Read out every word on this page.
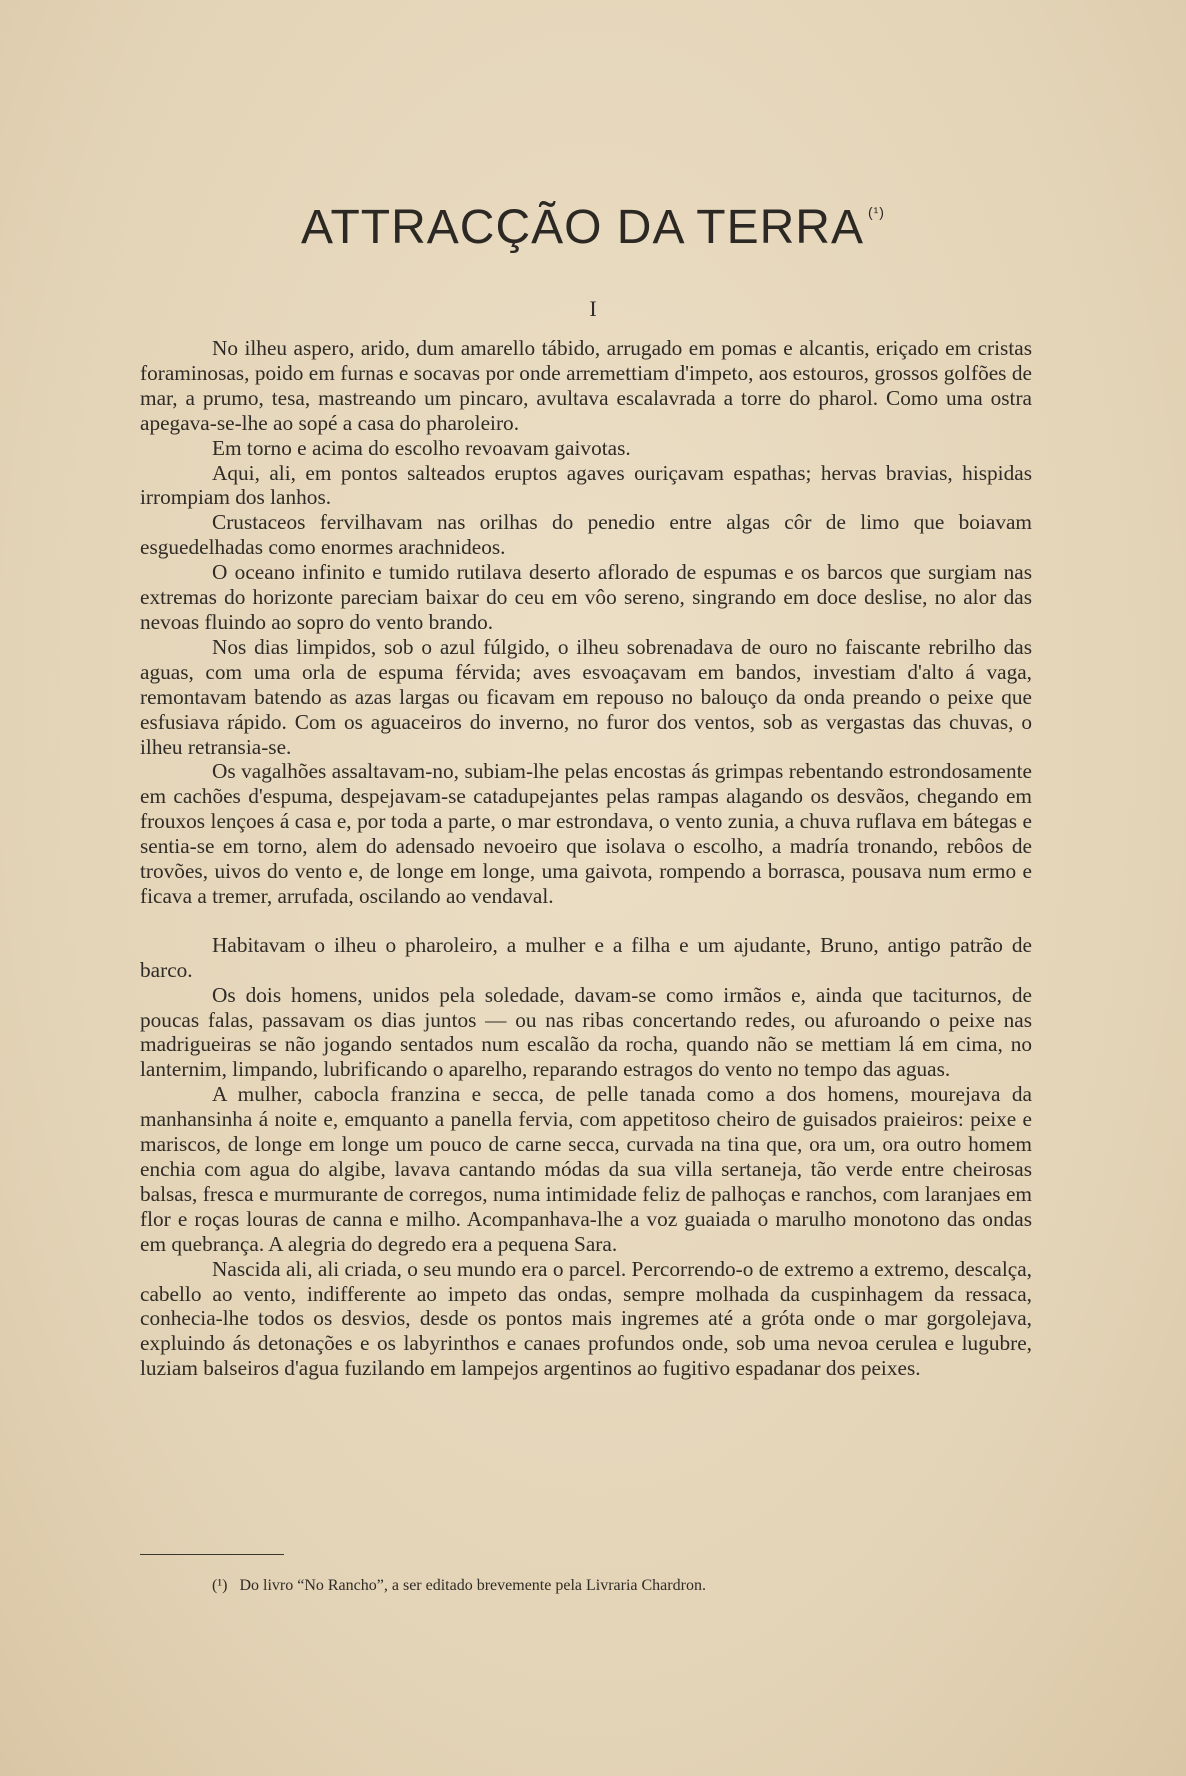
ATTRACÇÃO DA TERRA $^{(^1)}$
I

No ilheu aspero, arido, dum amarello tábido, arrugado em pomas e alcantis, eriçado em cristas foraminosas, poido em furnas e socavas por onde arremettiam d'impeto, aos estouros, grossos golfões de mar, a prumo, tesa, mastreando um pincaro, avultava escalavrada a torre do pharol. Como uma ostra apegava-se-lhe ao sopé a casa do pharoleiro.

Em torno e acima do escolho revoavam gaivotas.

Aqui, ali, em pontos salteados eruptos agaves ouriçavam espathas; hervas bravias, hispidas irrompiam dos lanhos.

Crustaceos fervilhavam nas orilhas do penedio entre algas côr de limo que boiavam esguedelhadas como enormes arachnideos.

O oceano infinito e tumido rutilava deserto aflorado de espumas e os barcos que surgiam nas extremas do horizonte pareciam baixar do ceu em vôo sereno, singrando em doce deslise, no alor das nevoas fluindo ao sopro do vento brando.

Nos dias limpidos, sob o azul fúlgido, o ilheu sobrenadava de ouro no faiscante rebrilho das aguas, com uma orla de espuma férvida; aves esvoaçavam em bandos, investiam d'alto á vaga, remontavam batendo as azas largas ou ficavam em repouso no balouço da onda preando o peixe que esfusiava rápido. Com os aguaceiros do inverno, no furor dos ventos, sob as vergastas das chuvas, o ilheu retransia-se.

Os vagalhões assaltavam-no, subiam-lhe pelas encostas ás grimpas rebentando estrondosamente em cachões d'espuma, despejavam-se catadupejantes pelas rampas alagando os desvãos, chegando em frouxos lençoes á casa e, por toda a parte, o mar estrondava, o vento zunia, a chuva ruflava em bátegas e sentia-se em torno, alem do adensado nevoeiro que isolava o escolho, a madría tronando, rebôos de trovões, uivos do vento e, de longe em longe, uma gaivota, rompendo a borrasca, pousava num ermo e ficava a tremer, arrufada, oscilando ao vendaval.

Habitavam o ilheu o pharoleiro, a mulher e a filha e um ajudante, Bruno, antigo patrão de barco.

Os dois homens, unidos pela soledade, davam-se como irmãos e, ainda que taciturnos, de poucas falas, passavam os dias juntos — ou nas ribas concertando redes, ou afuroando o peixe nas madrigueiras se não jogando sentados num escalão da rocha, quando não se mettiam lá em cima, no lanternim, limpando, lubrificando o aparelho, reparando estragos do vento no tempo das aguas.

A mulher, cabocla franzina e secca, de pelle tanada como a dos homens, mourejava da manhansinha á noite e, emquanto a panella fervia, com appetitoso cheiro de guisados praieiros: peixe e mariscos, de longe em longe um pouco de carne secca, curvada na tina que, ora um, ora outro homem enchia com agua do algibe, lavava cantando módas da sua villa sertaneja, tão verde entre cheirosas balsas, fresca e murmurante de corregos, numa intimidade feliz de palhoças e ranchos, com laranjaes em flor e roças louras de canna e milho. Acompanhava-lhe a voz guaiada o marulho monotono das ondas em quebrança. A alegria do degredo era a pequena Sara.

Nascida ali, ali criada, o seu mundo era o parcel. Percorrendo-o de extremo a extremo, descalça, cabello ao vento, indifferente ao impeto das ondas, sempre molhada da cuspinhagem da ressaca, conhecia-lhe todos os desvios, desde os pontos mais ingremes até a gróta onde o mar gorgolejava, expluindo ás detonações e os labyrinthos e canaes profundos onde, sob uma nevoa cerulea e lugubre, luziam balseiros d'agua fuzilando em lampejos argentinos ao fugitivo espadanar dos peixes.

(¹) Do livro “No Rancho”, a ser editado brevemente pela Livraria Chardron.
